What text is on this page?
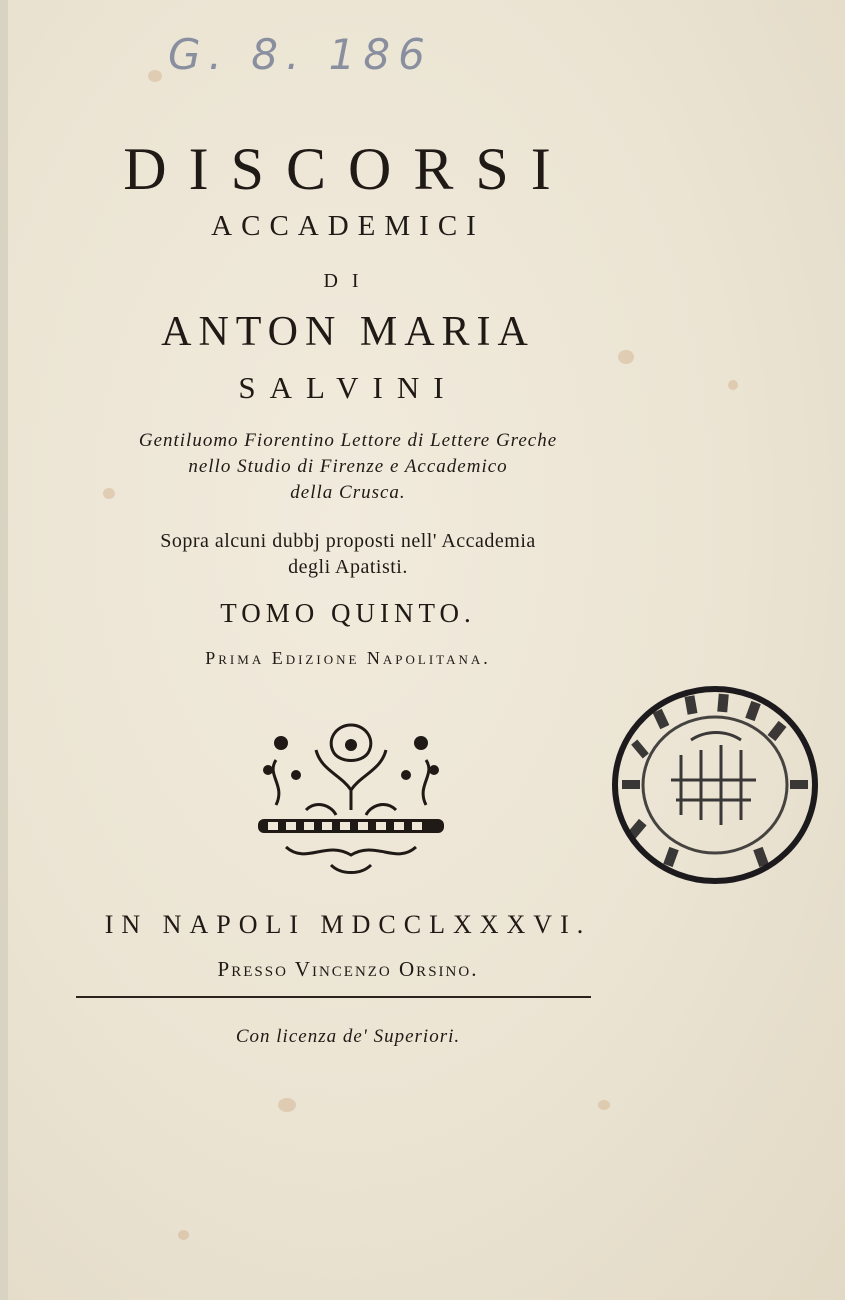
G. 8. 186
DISCORSI
ACCADEMICI
DI
ANTON MARIA
SALVINI
Gentiluomo Fiorentino Lettore di Lettere Greche
nello Studio di Firenze e Accademico
della Crusca.
Sopra alcuni dubbj proposti nell' Accademia
degli Apatisti.
TOMO QUINTO.
Prima Edizione Napolitana.
IN NAPOLI MDCCLXXXVI.
Presso Vincenzo Orsino.
Con licenza de' Superiori.
